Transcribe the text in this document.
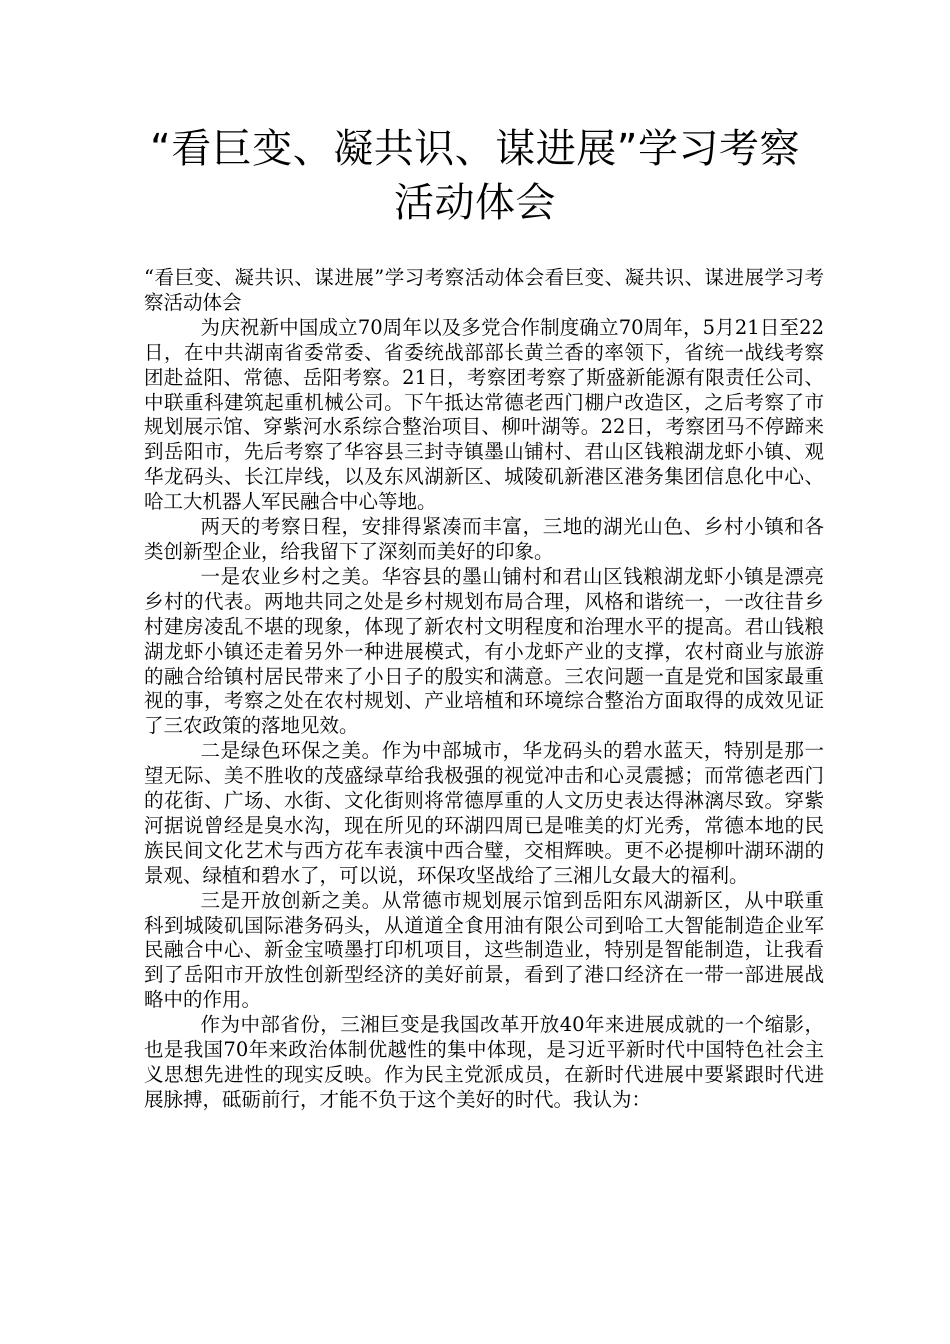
“看巨变、凝共识、谋进展”学习考察
活动体会

“看巨变、凝共识、谋进展”学习考察活动体会看巨变、凝共识、谋进展学习考察活动体会

为庆祝新中国成立70周年以及多党合作制度确立70周年，5月21日至22日，在中共湖南省委常委、省委统战部部长黄兰香的率领下，省统一战线考察团赴益阳、常德、岳阳考察。21日，考察团考察了斯盛新能源有限责任公司、中联重科建筑起重机械公司。下午抵达常德老西门棚户改造区，之后考察了市规划展示馆、穿紫河水系综合整治项目、柳叶湖等。22日，考察团马不停蹄来到岳阳市，先后考察了华容县三封寺镇墨山铺村、君山区钱粮湖龙虾小镇、观华龙码头、长江岸线，以及东风湖新区、城陵矶新港区港务集团信息化中心、哈工大机器人军民融合中心等地。

两天的考察日程，安排得紧凑而丰富，三地的湖光山色、乡村小镇和各类创新型企业，给我留下了深刻而美好的印象。

一是农业乡村之美。华容县的墨山铺村和君山区钱粮湖龙虾小镇是漂亮乡村的代表。两地共同之处是乡村规划布局合理，风格和谐统一，一改往昔乡村建房凌乱不堪的现象，体现了新农村文明程度和治理水平的提高。君山钱粮湖龙虾小镇还走着另外一种进展模式，有小龙虾产业的支撑，农村商业与旅游的融合给镇村居民带来了小日子的殷实和满意。三农问题一直是党和国家最重视的事，考察之处在农村规划、产业培植和环境综合整治方面取得的成效见证了三农政策的落地见效。

二是绿色环保之美。作为中部城市，华龙码头的碧水蓝天，特别是那一望无际、美不胜收的茂盛绿草给我极强的视觉冲击和心灵震撼；而常德老西门的花街、广场、水街、文化街则将常德厚重的人文历史表达得淋漓尽致。穿紫河据说曾经是臭水沟，现在所见的环湖四周已是唯美的灯光秀，常德本地的民族民间文化艺术与西方花车表演中西合璧，交相辉映。更不必提柳叶湖环湖的景观、绿植和碧水了，可以说，环保攻坚战给了三湘儿女最大的福利。

三是开放创新之美。从常德市规划展示馆到岳阳东风湖新区，从中联重科到城陵矶国际港务码头，从道道全食用油有限公司到哈工大智能制造企业军民融合中心、新金宝喷墨打印机项目，这些制造业，特别是智能制造，让我看到了岳阳市开放性创新型经济的美好前景，看到了港口经济在一带一部进展战略中的作用。

作为中部省份，三湘巨变是我国改革开放40年来进展成就的一个缩影，也是我国70年来政治体制优越性的集中体现，是习近平新时代中国特色社会主义思想先进性的现实反映。作为民主党派成员，在新时代进展中要紧跟时代进展脉搏，砥砺前行，才能不负于这个美好的时代。我认为：
